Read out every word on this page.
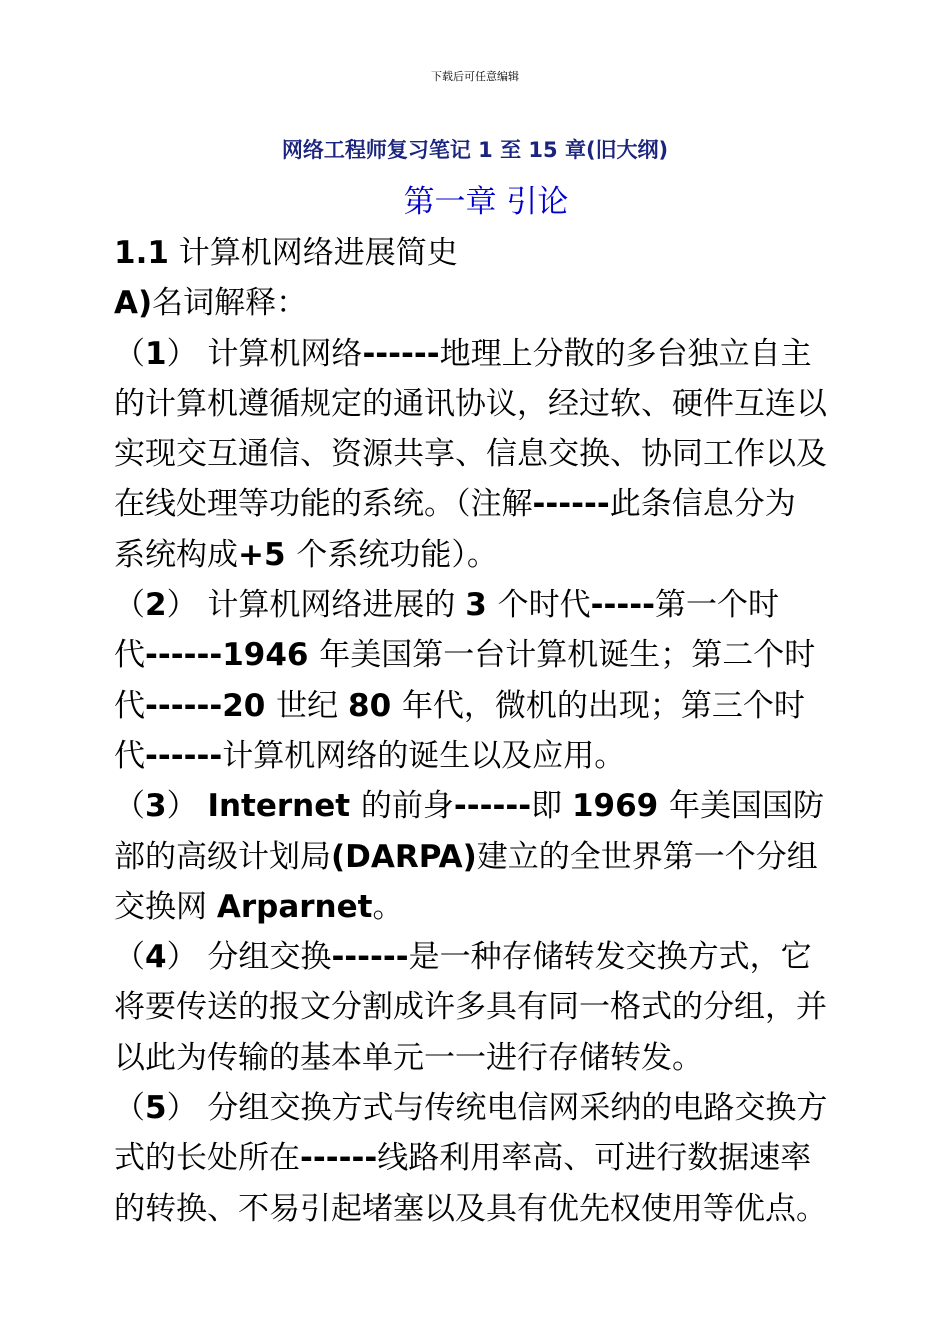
下载后可任意编辑
网络工程师复习笔记 1 至 15 章(旧大纲)
第一章 引论
1.1 计算机网络进展简史
A)名词解释：
（1） 计算机网络------地理上分散的多台独立自主
的计算机遵循规定的通讯协议，经过软、硬件互连以
实现交互通信、资源共享、信息交换、协同工作以及
在线处理等功能的系统。（注解------此条信息分为
系统构成+5 个系统功能）。
（2） 计算机网络进展的 3 个时代-----第一个时
代------1946 年美国第一台计算机诞生；第二个时
代------20 世纪 80 年代，微机的出现；第三个时
代------计算机网络的诞生以及应用。
（3） Internet 的前身------即 1969 年美国国防
部的高级计划局(DARPA)建立的全世界第一个分组
交换网 Arparnet。
（4） 分组交换------是一种存储转发交换方式，它
将要传送的报文分割成许多具有同一格式的分组，并
以此为传输的基本单元一一进行存储转发。
（5） 分组交换方式与传统电信网采纳的电路交换方
式的长处所在------线路利用率高、可进行数据速率
的转换、不易引起堵塞以及具有优先权使用等优点。
